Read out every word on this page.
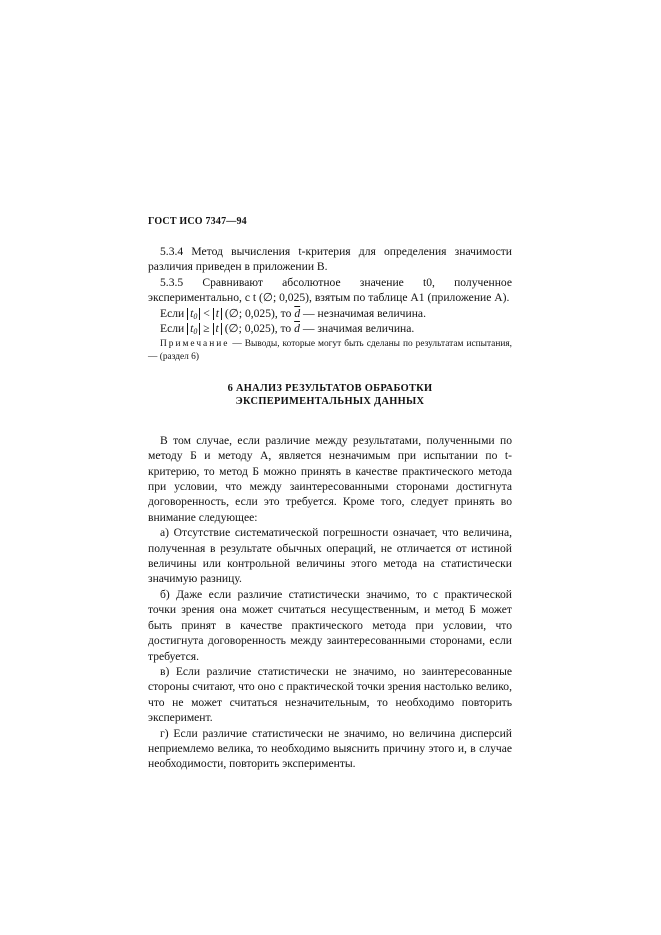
ГОСТ ИСО 7347—94

5.3.4 Метод вычисления t-критерия для определения значимости различия приведен в приложении В.

5.3.5 Сравнивают абсолютное значение t0, полученное экспериментально, с t (∅; 0,025), взятым по таблице А1 (приложение А).

Если $t_0 < t$ (∅; 0,025), то $\overline{d}$ — незначимая величина.

Если $t_0 \ge t$ (∅; 0,025), то $\overline{d}$ — значимая величина.

Примечание — Выводы, которые могут быть сделаны по результатам испытания, — (раздел 6)

6 АНАЛИЗ РЕЗУЛЬТАТОВ ОБРАБОТКИ
ЭКСПЕРИМЕНТАЛЬНЫХ ДАННЫХ

В том случае, если различие между результатами, полученными по методу Б и методу А, является незначимым при испытании по t-критерию, то метод Б можно принять в качестве практического метода при условии, что между заинтересованными сторонами достигнута договоренность, если это требуется. Кроме того, следует принять во внимание следующее:

а) Отсутствие систематической погрешности означает, что величина, полученная в результате обычных операций, не отличается от истиной величины или контрольной величины этого метода на статистически значимую разницу.

б) Даже если различие статистически значимо, то с практической точки зрения она может считаться несущественным, и метод Б может быть принят в качестве практического метода при условии, что достигнута договоренность между заинтересованными сторонами, если требуется.

в) Если различие статистически не значимо, но заинтересованные стороны считают, что оно с практической точки зрения настолько велико, что не может считаться незначительным, то необходимо повторить эксперимент.

г) Если различие статистически не значимо, но величина дисперсий неприемлемо велика, то необходимо выяснить причину этого и, в случае необходимости, повторить эксперименты.
